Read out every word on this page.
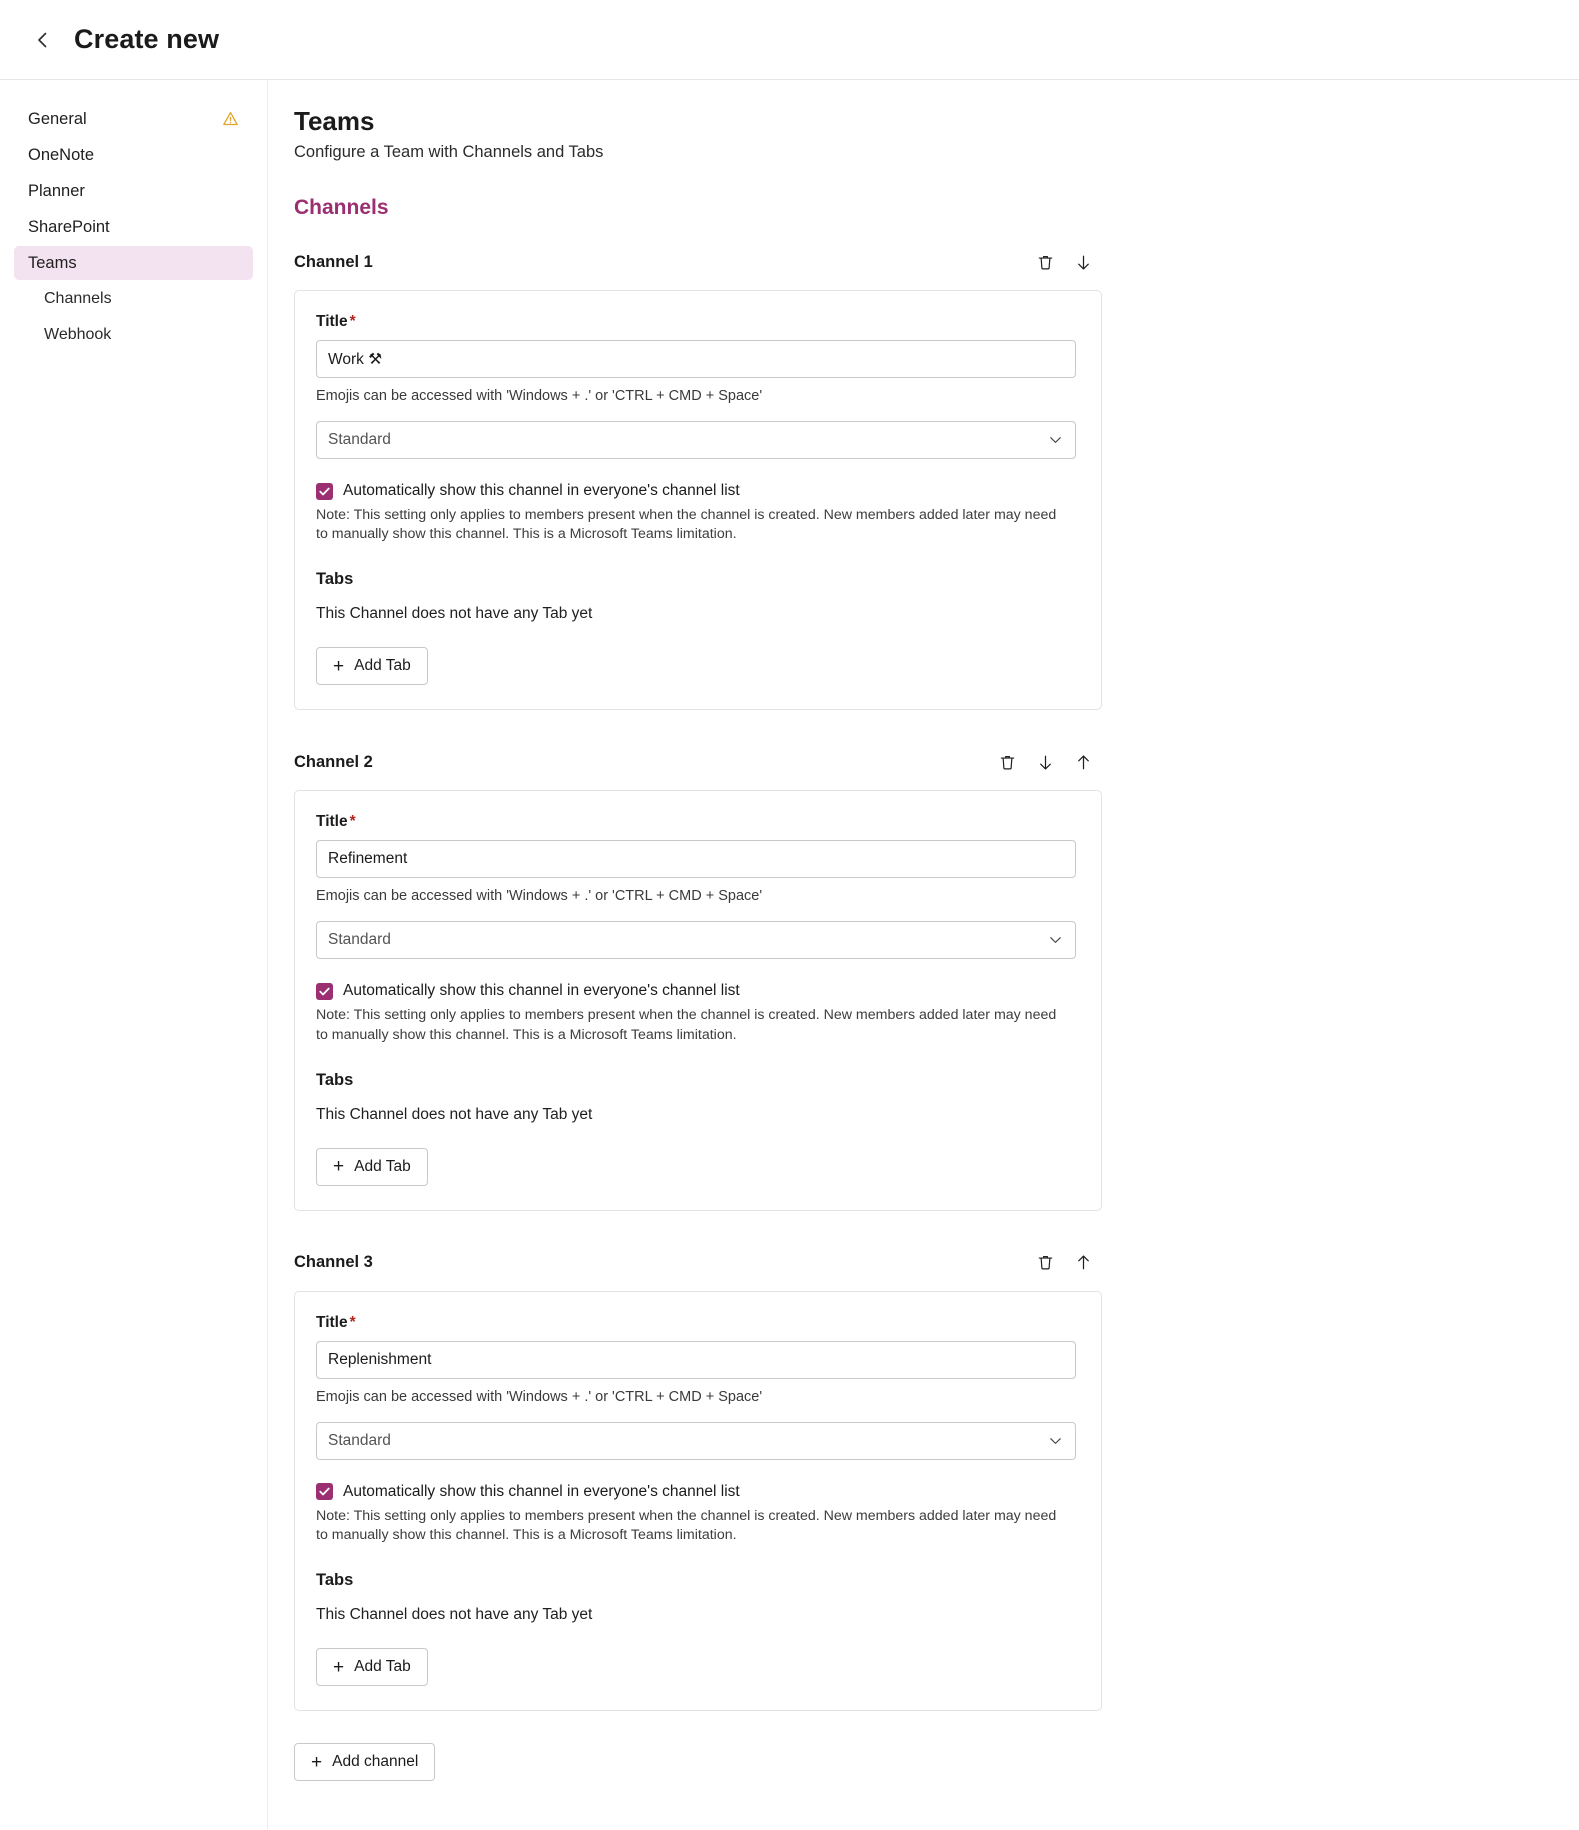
Create new
General
OneNote
Planner
SharePoint
Teams
Channels
Webhook
Teams

Configure a Team with Channels and Tabs

Channels
Channel 1
Title *
Work ⚒
Emojis can be accessed with 'Windows + .' or 'CTRL + CMD + Space'
Standard
Automatically show this channel in everyone's channel list

Note: This setting only applies to members present when the channel is created. New members added later may need to manually show this channel. This is a Microsoft Teams limitation.

Tabs
This Channel does not have any Tab yet
+ Add Tab
Channel 2
Title *
Refinement
Emojis can be accessed with 'Windows + .' or 'CTRL + CMD + Space'
Standard
Automatically show this channel in everyone's channel list

Note: This setting only applies to members present when the channel is created. New members added later may need to manually show this channel. This is a Microsoft Teams limitation.

Tabs
This Channel does not have any Tab yet
+ Add Tab
Channel 3
Title *
Replenishment
Emojis can be accessed with 'Windows + .' or 'CTRL + CMD + Space'
Standard
Automatically show this channel in everyone's channel list

Note: This setting only applies to members present when the channel is created. New members added later may need to manually show this channel. This is a Microsoft Teams limitation.

Tabs
This Channel does not have any Tab yet
+ Add Tab
+ Add channel
